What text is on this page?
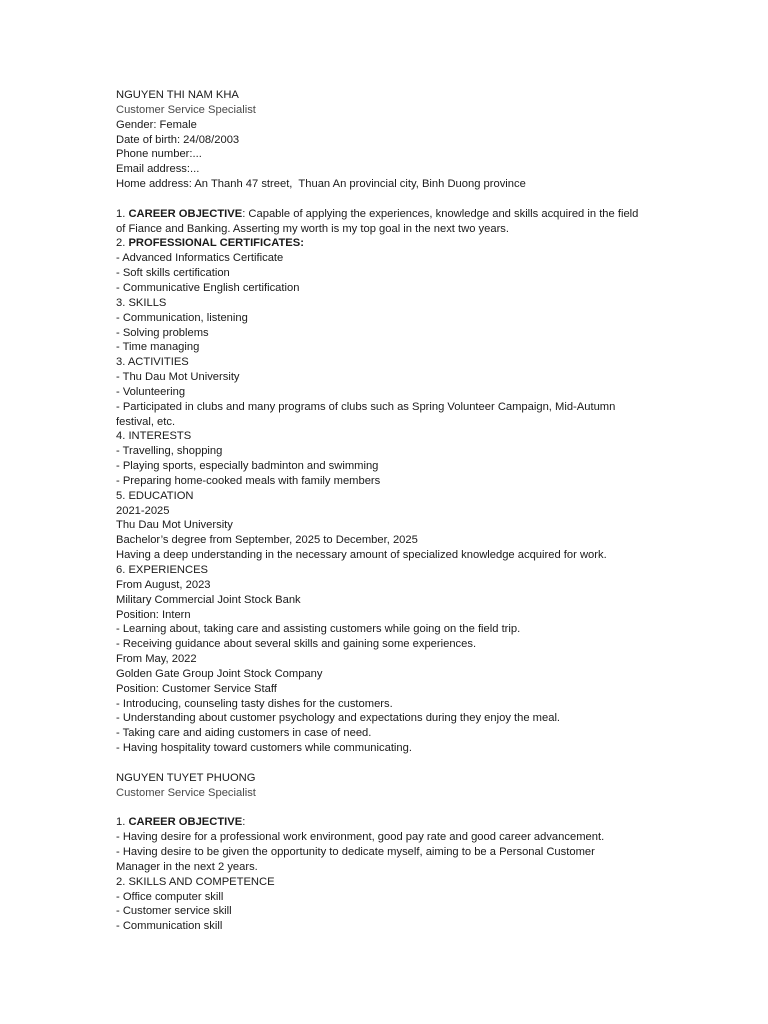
NGUYEN THI NAM KHA

Customer Service Specialist

Gender: Female

Date of birth: 24/08/2003

Phone number:...

Email address:...

Home address: An Thanh 47 street,  Thuan An provincial city, Binh Duong province

1. CAREER OBJECTIVE: Capable of applying the experiences, knowledge and skills acquired in the field

of Fiance and Banking. Asserting my worth is my top goal in the next two years.

2. PROFESSIONAL CERTIFICATES:

- Advanced Informatics Certificate

- Soft skills certification

- Communicative English certification

3. SKILLS

- Communication, listening

- Solving problems

- Time managing

3. ACTIVITIES

- Thu Dau Mot University

- Volunteering

- Participated in clubs and many programs of clubs such as Spring Volunteer Campaign, Mid-Autumn

festival, etc.

4. INTERESTS

- Travelling, shopping

- Playing sports, especially badminton and swimming

- Preparing home-cooked meals with family members

5. EDUCATION

2021-2025

Thu Dau Mot University

Bachelor’s degree from September, 2025 to December, 2025

Having a deep understanding in the necessary amount of specialized knowledge acquired for work.

6. EXPERIENCES

From August, 2023

Military Commercial Joint Stock Bank

Position: Intern

- Learning about, taking care and assisting customers while going on the field trip.

- Receiving guidance about several skills and gaining some experiences.

From May, 2022

Golden Gate Group Joint Stock Company

Position: Customer Service Staff

- Introducing, counseling tasty dishes for the customers.

- Understanding about customer psychology and expectations during they enjoy the meal.

- Taking care and aiding customers in case of need.

- Having hospitality toward customers while communicating.

NGUYEN TUYET PHUONG

Customer Service Specialist

1. CAREER OBJECTIVE:

- Having desire for a professional work environment, good pay rate and good career advancement.

- Having desire to be given the opportunity to dedicate myself, aiming to be a Personal Customer

Manager in the next 2 years.

2. SKILLS AND COMPETENCE

- Office computer skill

- Customer service skill

- Communication skill
